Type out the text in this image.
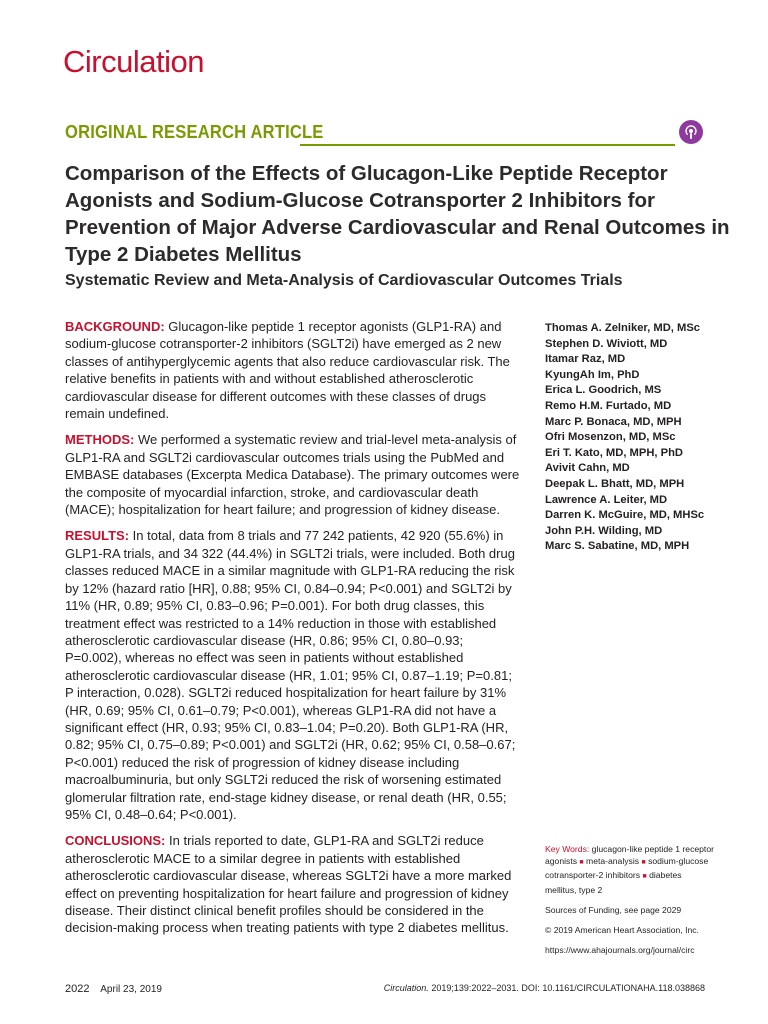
Circulation
ORIGINAL RESEARCH ARTICLE
Comparison of the Effects of Glucagon-Like Peptide Receptor Agonists and Sodium-Glucose Cotransporter 2 Inhibitors for Prevention of Major Adverse Cardiovascular and Renal Outcomes in Type 2 Diabetes Mellitus
Systematic Review and Meta-Analysis of Cardiovascular Outcomes Trials

BACKGROUND: Glucagon-like peptide 1 receptor agonists (GLP1-RA) and sodium-glucose cotransporter-2 inhibitors (SGLT2i) have emerged as 2 new classes of antihyperglycemic agents that also reduce cardiovascular risk. The relative benefits in patients with and without established atherosclerotic cardiovascular disease for different outcomes with these classes of drugs remain undefined.

METHODS: We performed a systematic review and trial-level meta-analysis of GLP1-RA and SGLT2i cardiovascular outcomes trials using the PubMed and EMBASE databases (Excerpta Medica Database). The primary outcomes were the composite of myocardial infarction, stroke, and cardiovascular death (MACE); hospitalization for heart failure; and progression of kidney disease.

RESULTS: In total, data from 8 trials and 77 242 patients, 42 920 (55.6%) in GLP1-RA trials, and 34 322 (44.4%) in SGLT2i trials, were included. Both drug classes reduced MACE in a similar magnitude with GLP1-RA reducing the risk by 12% (hazard ratio [HR], 0.88; 95% CI, 0.84–0.94; P<0.001) and SGLT2i by 11% (HR, 0.89; 95% CI, 0.83–0.96; P=0.001). For both drug classes, this treatment effect was restricted to a 14% reduction in those with established atherosclerotic cardiovascular disease (HR, 0.86; 95% CI, 0.80–0.93; P=0.002), whereas no effect was seen in patients without established atherosclerotic cardiovascular disease (HR, 1.01; 95% CI, 0.87–1.19; P=0.81; P interaction, 0.028). SGLT2i reduced hospitalization for heart failure by 31% (HR, 0.69; 95% CI, 0.61–0.79; P<0.001), whereas GLP1-RA did not have a significant effect (HR, 0.93; 95% CI, 0.83–1.04; P=0.20). Both GLP1-RA (HR, 0.82; 95% CI, 0.75–0.89; P<0.001) and SGLT2i (HR, 0.62; 95% CI, 0.58–0.67; P<0.001) reduced the risk of progression of kidney disease including macroalbuminuria, but only SGLT2i reduced the risk of worsening estimated glomerular filtration rate, end-stage kidney disease, or renal death (HR, 0.55; 95% CI, 0.48–0.64; P<0.001).

CONCLUSIONS: In trials reported to date, GLP1-RA and SGLT2i reduce atherosclerotic MACE to a similar degree in patients with established atherosclerotic cardiovascular disease, whereas SGLT2i have a more marked effect on preventing hospitalization for heart failure and progression of kidney disease. Their distinct clinical benefit profiles should be considered in the decision-making process when treating patients with type 2 diabetes mellitus.

Thomas A. Zelniker, MD, MSc
Stephen D. Wiviott, MD
Itamar Raz, MD
KyungAh Im, PhD
Erica L. Goodrich, MS
Remo H.M. Furtado, MD
Marc P. Bonaca, MD, MPH
Ofri Mosenzon, MD, MSc
Eri T. Kato, MD, MPH, PhD
Avivit Cahn, MD
Deepak L. Bhatt, MD, MPH
Lawrence A. Leiter, MD
Darren K. McGuire, MD, MHSc
John P.H. Wilding, MD
Marc S. Sabatine, MD, MPH
Key Words: glucagon-like peptide 1 receptor agonists ■ meta-analysis ■ sodium-glucose cotransporter-2 inhibitors ■ diabetes mellitus, type 2
Sources of Funding, see page 2029
© 2019 American Heart Association, Inc.
https://www.ahajournals.org/journal/circ
2022 April 23, 2019	Circulation. 2019;139:2022–2031. DOI: 10.1161/CIRCULATIONAHA.118.038868
